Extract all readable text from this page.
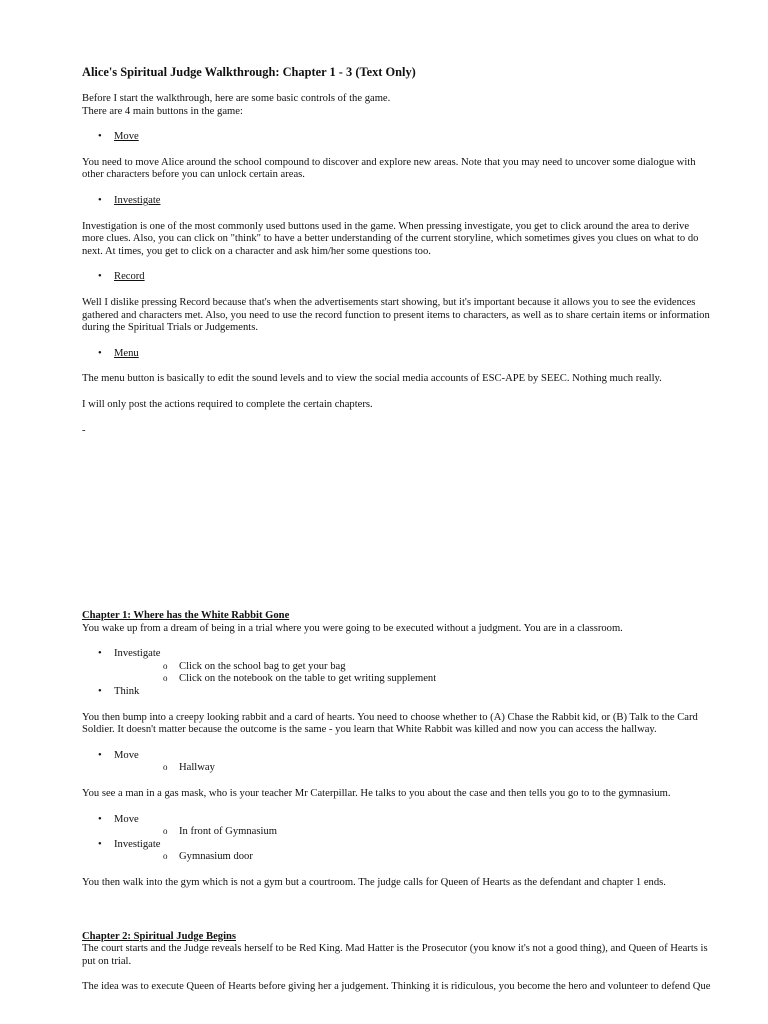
Alice's Spiritual Judge Walkthrough: Chapter 1 - 3 (Text Only)

Before I start the walkthrough, here are some basic controls of the game.
There are 4 main buttons in the game:

• Move

You need to move Alice around the school compound to discover and explore new areas. Note that you may need to uncover some dialogue with other characters before you can unlock certain areas.

• Investigate

Investigation is one of the most commonly used buttons used in the game. When pressing investigate, you get to click around the area to derive more clues. Also, you can click on "think" to have a better understanding of the current storyline, which sometimes gives you clues on what to do next. At times, you get to click on a character and ask him/her some questions too.

• Record

Well I dislike pressing Record because that's when the advertisements start showing, but it's important because it allows you to see the evidences gathered and characters met. Also, you need to use the record function to present items to characters, as well as to share certain items or information during the Spiritual Trials or Judgements.

• Menu

The menu button is basically to edit the sound levels and to view the social media accounts of ESC-APE by SEEC. Nothing much really.

I will only post the actions required to complete the certain chapters.

-

Chapter 1: Where has the White Rabbit Gone

You wake up from a dream of being in a trial where you were going to be executed without a judgment. You are in a classroom.

• Investigate
o Click on the school bag to get your bag
o Click on the notebook on the table to get writing supplement
• Think

You then bump into a creepy looking rabbit and a card of hearts. You need to choose whether to (A) Chase the Rabbit kid, or (B) Talk to the Card Soldier. It doesn't matter because the outcome is the same - you learn that White Rabbit was killed and now you can access the hallway.

• Move
o Hallway

You see a man in a gas mask, who is your teacher Mr Caterpillar. He talks to you about the case and then tells you go to to the gymnasium.

• Move
o In front of Gymnasium
• Investigate
o Gymnasium door

You then walk into the gym which is not a gym but a courtroom. The judge calls for Queen of Hearts as the defendant and chapter 1 ends.

Chapter 2: Spiritual Judge Begins

The court starts and the Judge reveals herself to be Red King. Mad Hatter is the Prosecutor (you know it's not a good thing), and Queen of Hearts is put on trial.

The idea was to execute Queen of Hearts before giving her a judgement. Thinking it is ridiculous, you become the hero and volunteer to defend Que
